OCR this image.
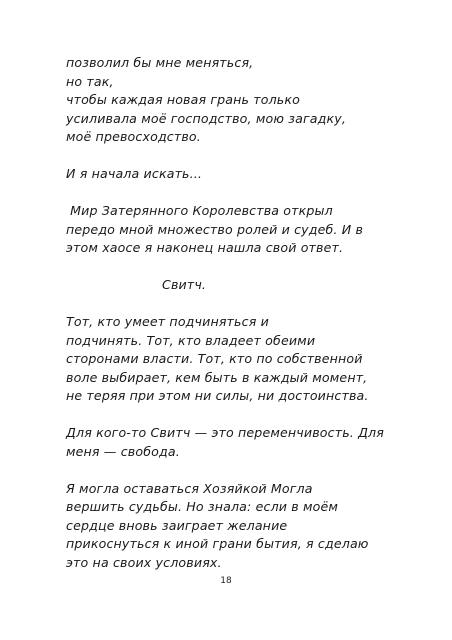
позволил бы мне меняться,
но так,
чтобы каждая новая грань только
усиливала моё господство, мою загадку,
моё превосходство.
И я начала искать...
Мир Затерянного Королевства открыл
передо мной множество ролей и судеб. И в
этом хаосе я наконец нашла свой ответ.
Свитч.
Тот, кто умеет подчиняться и
подчинять. Тот, кто владеет обеими
сторонами власти. Тот, кто по собственной
воле выбирает, кем быть в каждый момент,
не теряя при этом ни силы, ни достоинства.
Для кого-то Свитч — это переменчивость. Для
меня — свобода.
Я могла оставаться Хозяйкой Могла
вершить судьбы. Но знала: если в моём
сердце вновь заиграет желание
прикоснуться к иной грани бытия, я сделаю
это на своих условиях.
18
